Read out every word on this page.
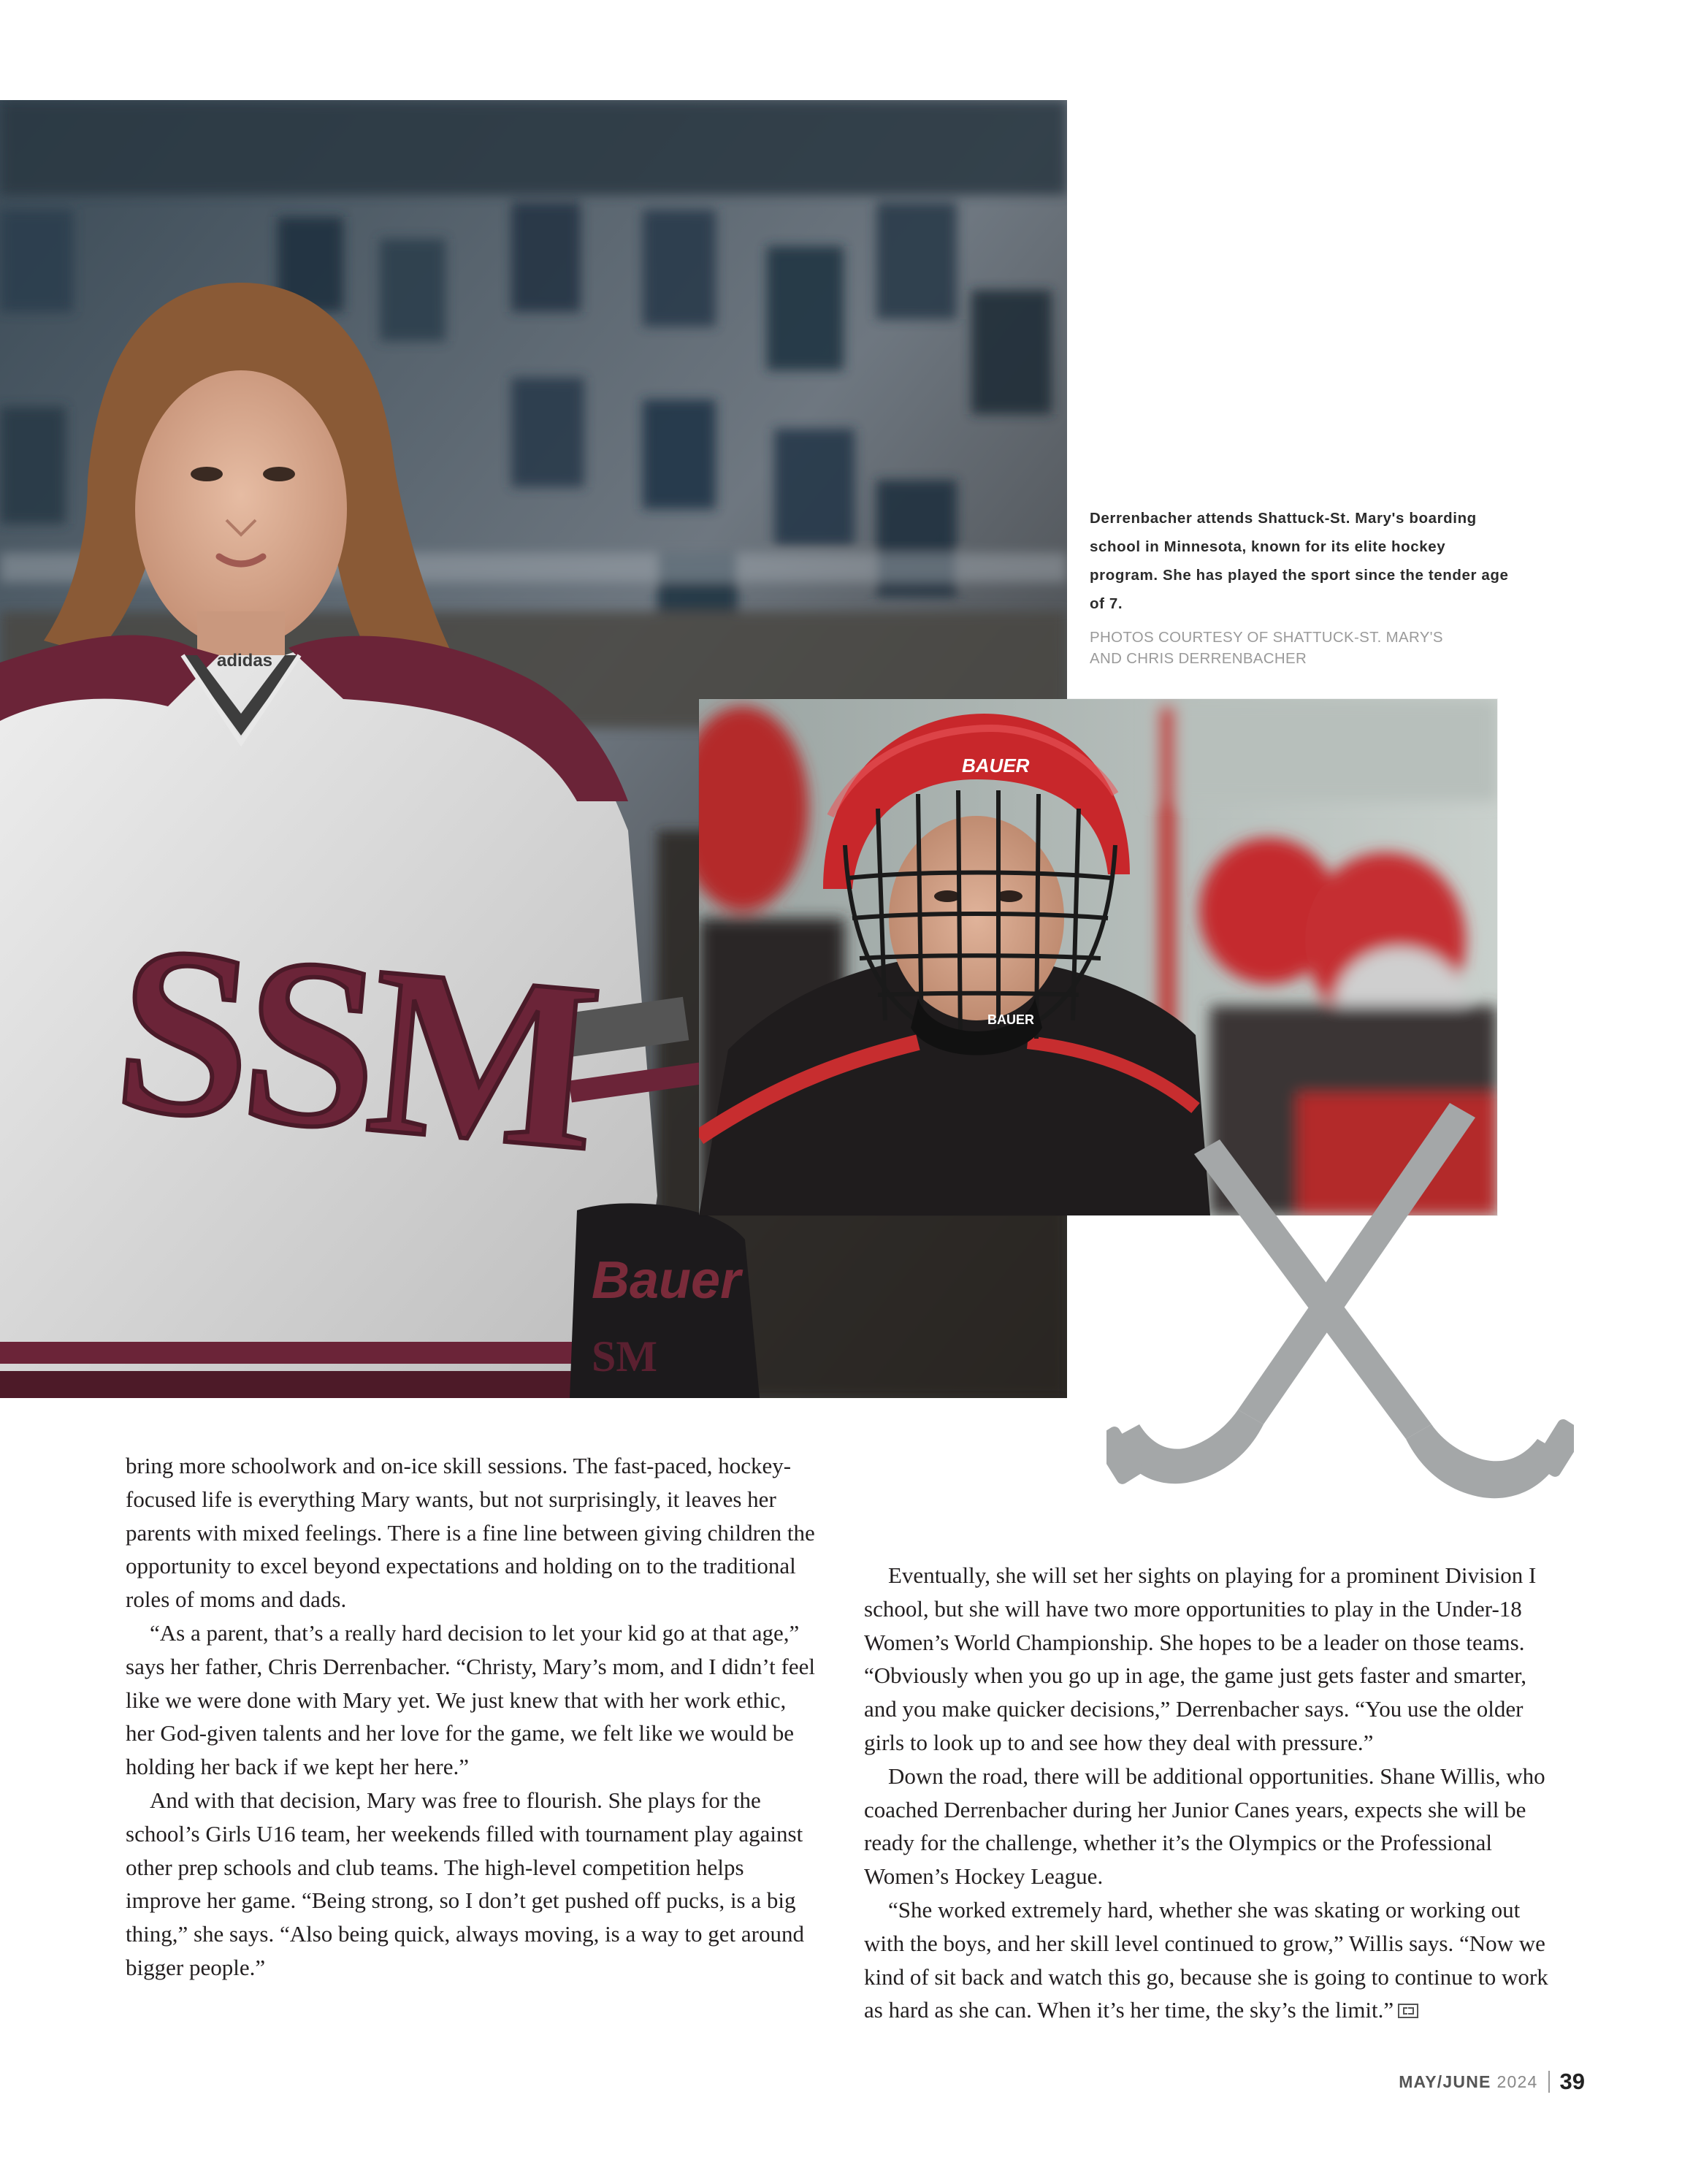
adidas
SSM
Bauer
SM

Derrenbacher attends Shattuck-St. Mary's boarding school in Minnesota, known for its elite hockey program. She has played the sport since the tender age of 7.

PHOTOS COURTESY OF SHATTUCK-ST. MARY'S AND CHRIS DERRENBACHER

BAUER
BAUER

bring more schoolwork and on-ice skill sessions. The fast-paced, hockey-focused life is everything Mary wants, but not surprisingly, it leaves her parents with mixed feelings. There is a fine line between giving children the opportunity to excel beyond expectations and holding on to the traditional roles of moms and dads.

“As a parent, that’s a really hard decision to let your kid go at that age,” says her father, Chris Derrenbacher. “Christy, Mary’s mom, and I didn’t feel like we were done with Mary yet. We just knew that with her work ethic, her God-given talents and her love for the game, we felt like we would be holding her back if we kept her here.”

And with that decision, Mary was free to flourish. She plays for the school’s Girls U16 team, her weekends filled with tournament play against other prep schools and club teams. The high-level competition helps improve her game. “Being strong, so I don’t get pushed off pucks, is a big thing,” she says. “Also being quick, always moving, is a way to get around bigger people.”

Eventually, she will set her sights on playing for a prominent Division I school, but she will have two more opportunities to play in the Under-18 Women’s World Championship. She hopes to be a leader on those teams. “Obviously when you go up in age, the game just gets faster and smarter, and you make quicker decisions,” Derrenbacher says. “You use the older girls to look up to and see how they deal with pressure.”

Down the road, there will be additional opportunities. Shane Willis, who coached Derrenbacher during her Junior Canes years, expects she will be ready for the challenge, whether it’s the Olympics or the Professional Women’s Hockey League.

“She worked extremely hard, whether she was skating or working out with the boys, and her skill level continued to grow,” Willis says. “Now we kind of sit back and watch this go, because she is going to continue to work as hard as she can. When it’s her time, the sky’s the limit.”

MAY/JUNE 2024 39
